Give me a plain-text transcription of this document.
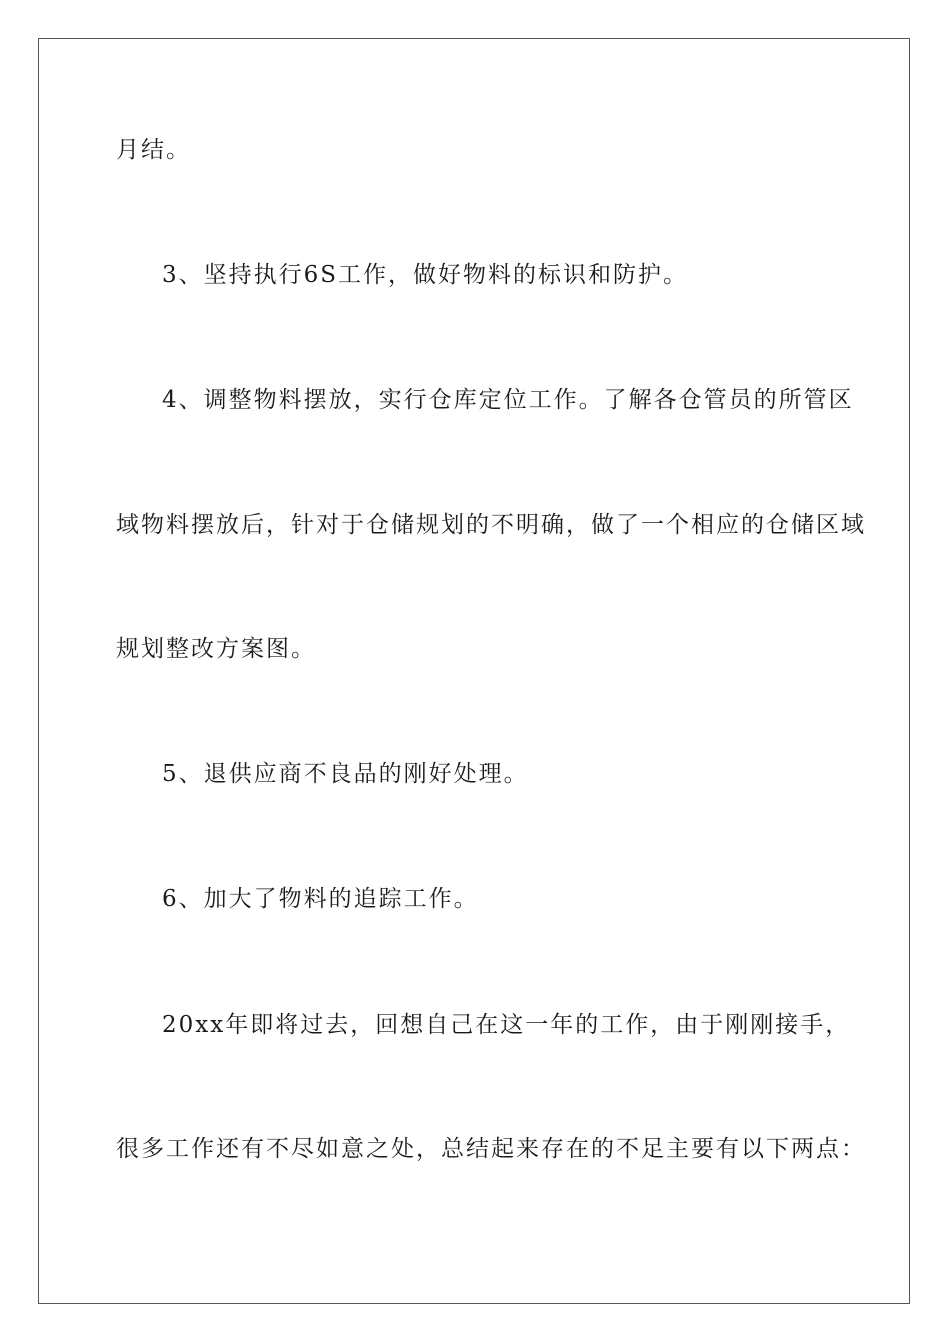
月结。
3、坚持执行6S工作，做好物料的标识和防护。
4、调整物料摆放，实行仓库定位工作。了解各仓管员的所管区
域物料摆放后，针对于仓储规划的不明确，做了一个相应的仓储区域
规划整改方案图。
5、退供应商不良品的刚好处理。
6、加大了物料的追踪工作。
20xx年即将过去，回想自己在这一年的工作，由于刚刚接手，
很多工作还有不尽如意之处，总结起来存在的不足主要有以下两点：
